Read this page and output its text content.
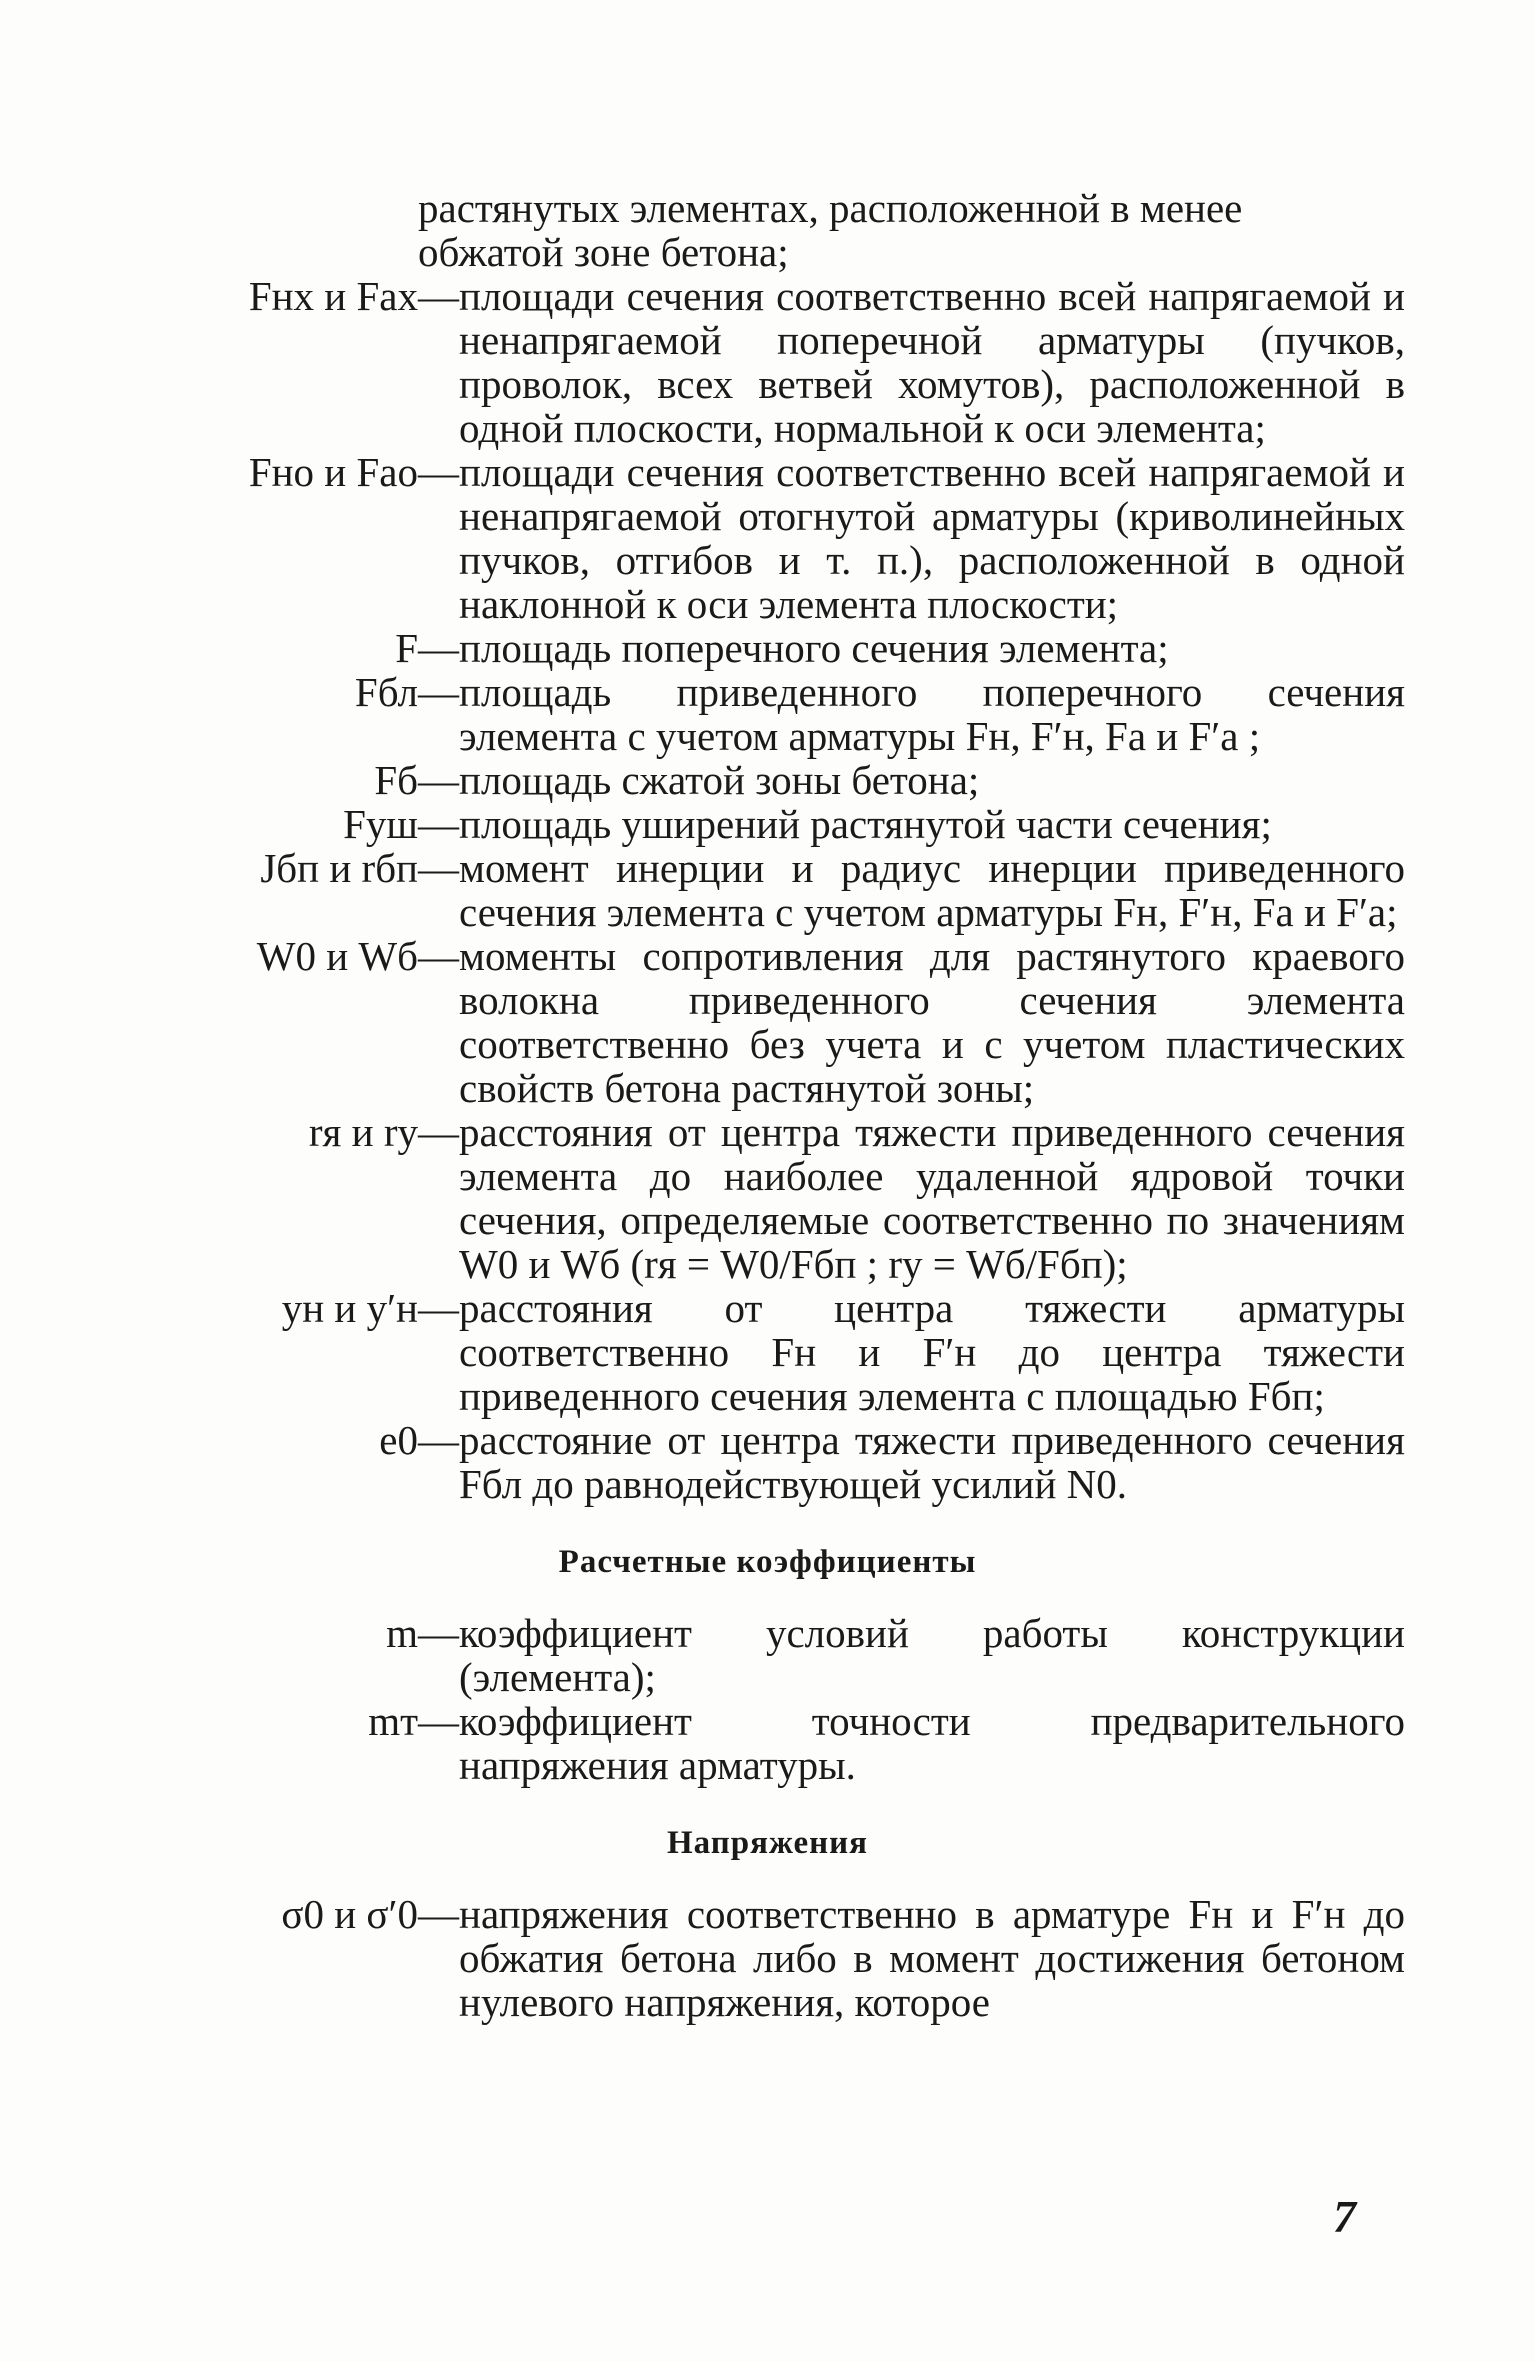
растянутых элементах, расположенной в менее
обжатой зоне бетона;
Fнх и Fах — площади сечения соответственно всей напрягаемой и ненапрягаемой поперечной арматуры (пучков, проволок, всех ветвей хомутов), расположенной в одной плоскости, нормальной к оси элемента;
Fно и Fао — площади сечения соответственно всей напрягаемой и ненапрягаемой отогнутой арматуры (криволинейных пучков, отгибов и т. п.), расположенной в одной наклонной к оси элемента плоскости;
F — площадь поперечного сечения элемента;
Fбл — площадь приведенного поперечного сечения элемента с учетом арматуры Fн, F′н, Fа и F′а ;
Fб — площадь сжатой зоны бетона;
Fуш — площадь уширений растянутой части сечения;
Jбп и rбп — момент инерции и радиус инерции приведенного сечения элемента с учетом арматуры Fн, F′н, Fа и F′а;
W0 и Wб — моменты сопротивления для растянутого краевого волокна приведенного сечения элемента соответственно без учета и с учетом пластических свойств бетона растянутой зоны;
rя и rу — расстояния от центра тяжести приведенного сечения элемента до наиболее удаленной ядровой точки сечения, определяемые соответственно по значениям W0 и Wб (rя = W0/Fбп ; rу = Wб/Fбп);
yн и y′н — расстояния от центра тяжести арматуры соответственно Fн и F′н до центра тяжести приведенного сечения элемента с площадью Fбп;
e0 — расстояние от центра тяжести приведенного сечения Fбл до равнодействующей усилий N0.
Расчетные коэффициенты
m — коэффициент условий работы конструкции (элемента);
mт — коэффициент точности предварительного напряжения арматуры.
Напряжения
σ0 и σ′0 — напряжения соответственно в арматуре Fн и F′н до обжатия бетона либо в момент достижения бетоном нулевого напряжения, которое
7
